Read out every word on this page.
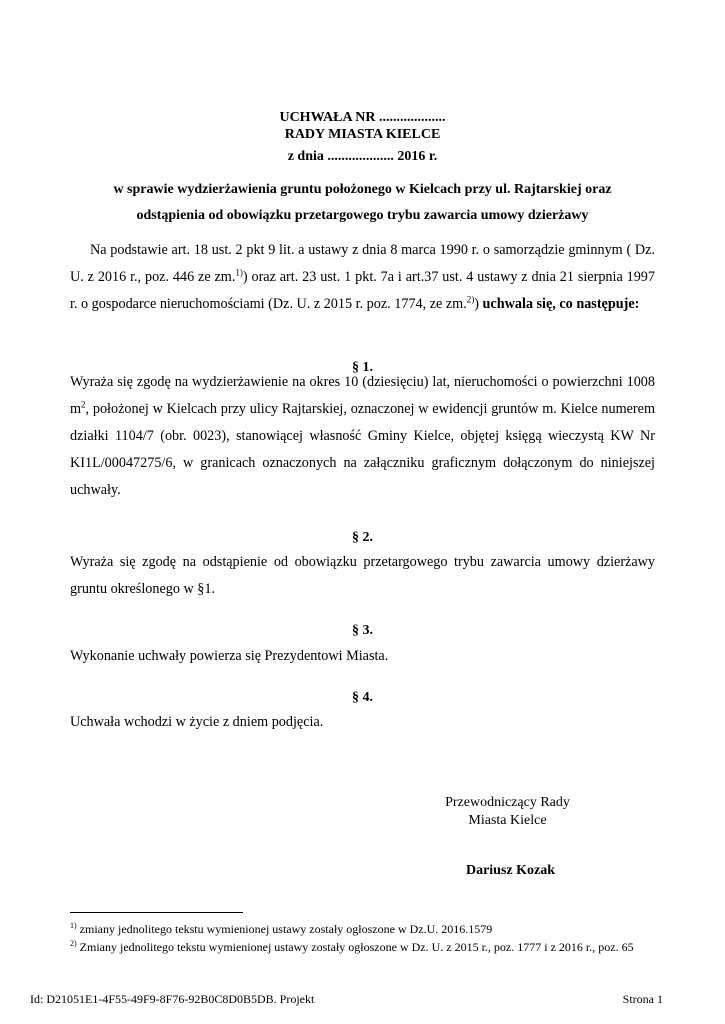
UCHWAŁA NR ...................
RADY MIASTA KIELCE
z dnia ................... 2016 r.
w sprawie wydzierżawienia gruntu położonego w Kielcach przy ul. Rajtarskiej oraz
odstąpienia od obowiązku przetargowego trybu zawarcia umowy dzierżawy
Na podstawie art. 18 ust. 2 pkt 9 lit. a ustawy z dnia 8 marca 1990 r. o samorządzie gminnym ( Dz. U. z 2016 r., poz. 446 ze zm.$^{1)}$) oraz art. 23 ust. 1 pkt. 7a i art.37 ust. 4 ustawy z dnia 21 sierpnia 1997 r. o gospodarce nieruchomościami (Dz. U. z 2015 r. poz. 1774, ze zm.$^{2)}$) uchwala się, co następuje:
§ 1.
Wyraża się zgodę na wydzierżawienie na okres 10 (dziesięciu) lat, nieruchomości o powierzchni 1008 $m^2$, położonej w Kielcach przy ulicy Rajtarskiej, oznaczonej w ewidencji gruntów m. Kielce numerem działki 1104/7 (obr. 0023), stanowiącej własność Gminy Kielce, objętej księgą wieczystą KW Nr KI1L/00047275/6, w granicach oznaczonych na załączniku graficznym dołączonym do niniejszej uchwały.
§ 2.
Wyraża się zgodę na odstąpienie od obowiązku przetargowego trybu zawarcia umowy dzierżawy gruntu określonego w §1.
§ 3.
Wykonanie uchwały powierza się Prezydentowi Miasta.
§ 4.
Uchwała wchodzi w życie z dniem podjęcia.
Przewodniczący Rady
Miasta Kielce
Dariusz Kozak
$^{1)}$ zmiany jednolitego tekstu wymienionej ustawy zostały ogłoszone w Dz.U. 2016.1579
$^{2)}$ Zmiany jednolitego tekstu wymienionej ustawy zostały ogłoszone w Dz. U. z 2015 r., poz. 1777 i z 2016 r., poz. 65
Id: D21051E1-4F55-49F9-8F76-92B0C8D0B5DB. Projekt	Strona 1
